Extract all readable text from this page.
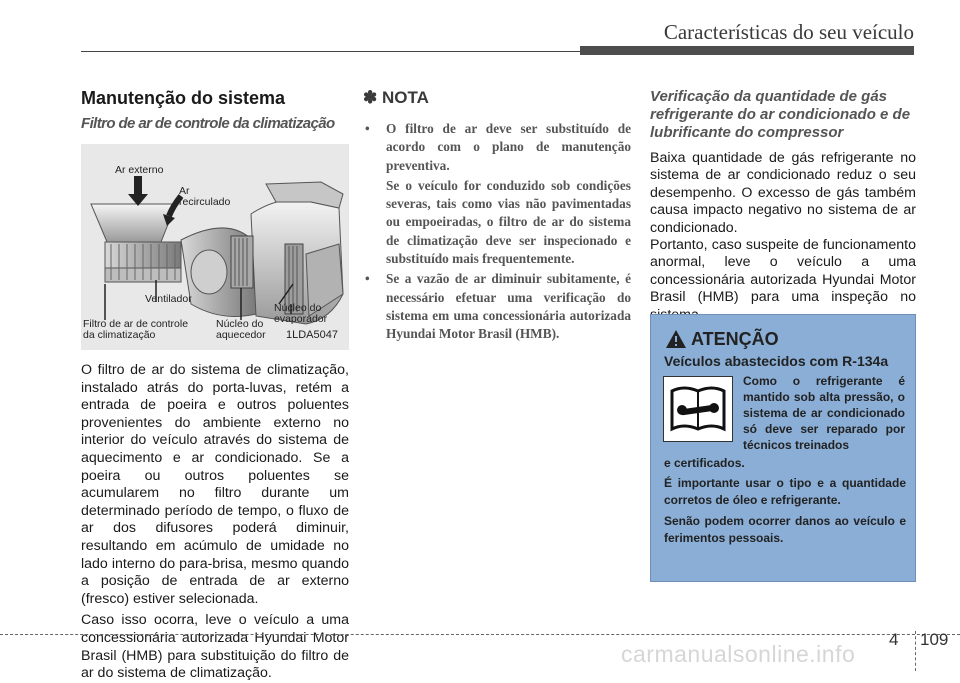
Características do seu veículo
Manutenção do sistema
Filtro de ar de controle da climatização
Ar externo
Ar
recirculado
Ventilador
Filtro de ar de controle
da climatização
Núcleo do
aquecedor
Núcleo do
evaporador
1LDA5047

O filtro de ar do sistema de climatização, instalado atrás do porta-luvas, retém a entrada de poeira e outros poluentes provenientes do ambiente externo no interior do veículo através do sistema de aquecimento e ar condicionado. Se a poeira ou outros poluentes se acumularem no filtro durante um determinado período de tempo, o fluxo de ar dos difusores poderá diminuir, resultando em acúmulo de umidade no lado interno do para-brisa, mesmo quando a posição de entrada de ar externo (fresco) estiver selecionada.

Caso isso ocorra, leve o veículo a uma concessionária autorizada Hyundai Motor Brasil (HMB) para substituição do filtro de ar do sistema de climatização.

✽ NOTA
• O filtro de ar deve ser substituído de acordo com o plano de manutenção preventiva.

Se o veículo for conduzido sob condições severas, tais como vias não pavimentadas ou empoeiradas, o filtro de ar do sistema de climatização deve ser inspecionado e substituído mais frequentemente.

• Se a vazão de ar diminuir subitamente, é necessário efetuar uma verificação do sistema em uma concessionária autorizada Hyundai Motor Brasil (HMB).

Verificação da quantidade de gás refrigerante do ar condicionado e de lubrificante do compressor

Baixa quantidade de gás refrigerante no sistema de ar condicionado reduz o seu desempenho. O excesso de gás também causa impacto negativo no sistema de ar condicionado.

Portanto, caso suspeite de funcionamento anormal, leve o veículo a uma concessionária autorizada Hyundai Motor Brasil (HMB) para uma inspeção no

ATENÇÃO
Veículos abastecidos com R-134a
Como o refrigerante é mantido sob alta pressão, o sistema de ar condicionado só deve ser reparado por técnicos treinados
e certificados.
É importante usar o tipo e a quantidade corretos de óleo e refrigerante.
Senão podem ocorrer danos ao veículo e ferimentos pessoais.
4 109
carmanualsonline.info
